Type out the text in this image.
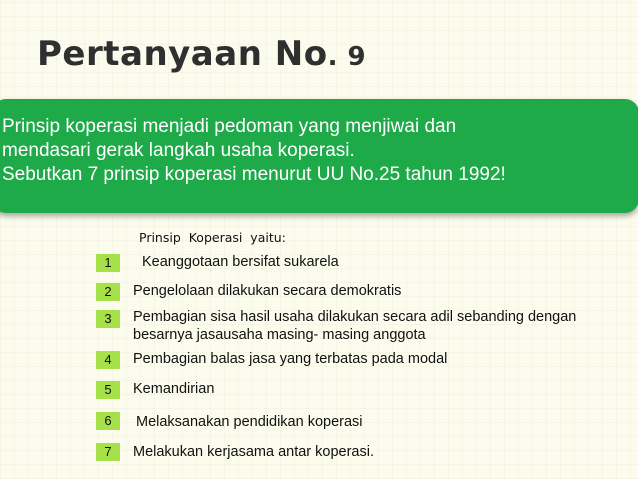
Pertanyaan No. 9
Prinsip koperasi menjadi pedoman yang menjiwai dan
mendasari gerak langkah usaha koperasi.
Sebutkan 7 prinsip koperasi menurut UU No.25 tahun 1992!
Prinsip  Koperasi  yaitu:
1	Keanggotaan bersifat sukarela
2	Pengelolaan dilakukan secara demokratis
3	Pembagian sisa hasil usaha dilakukan secara adil sebanding dengan besarnya jasausaha masing- masing anggota
4	Pembagian balas jasa yang terbatas pada modal
5	Kemandirian
6	Melaksanakan pendidikan koperasi
7	Melakukan kerjasama antar koperasi.
